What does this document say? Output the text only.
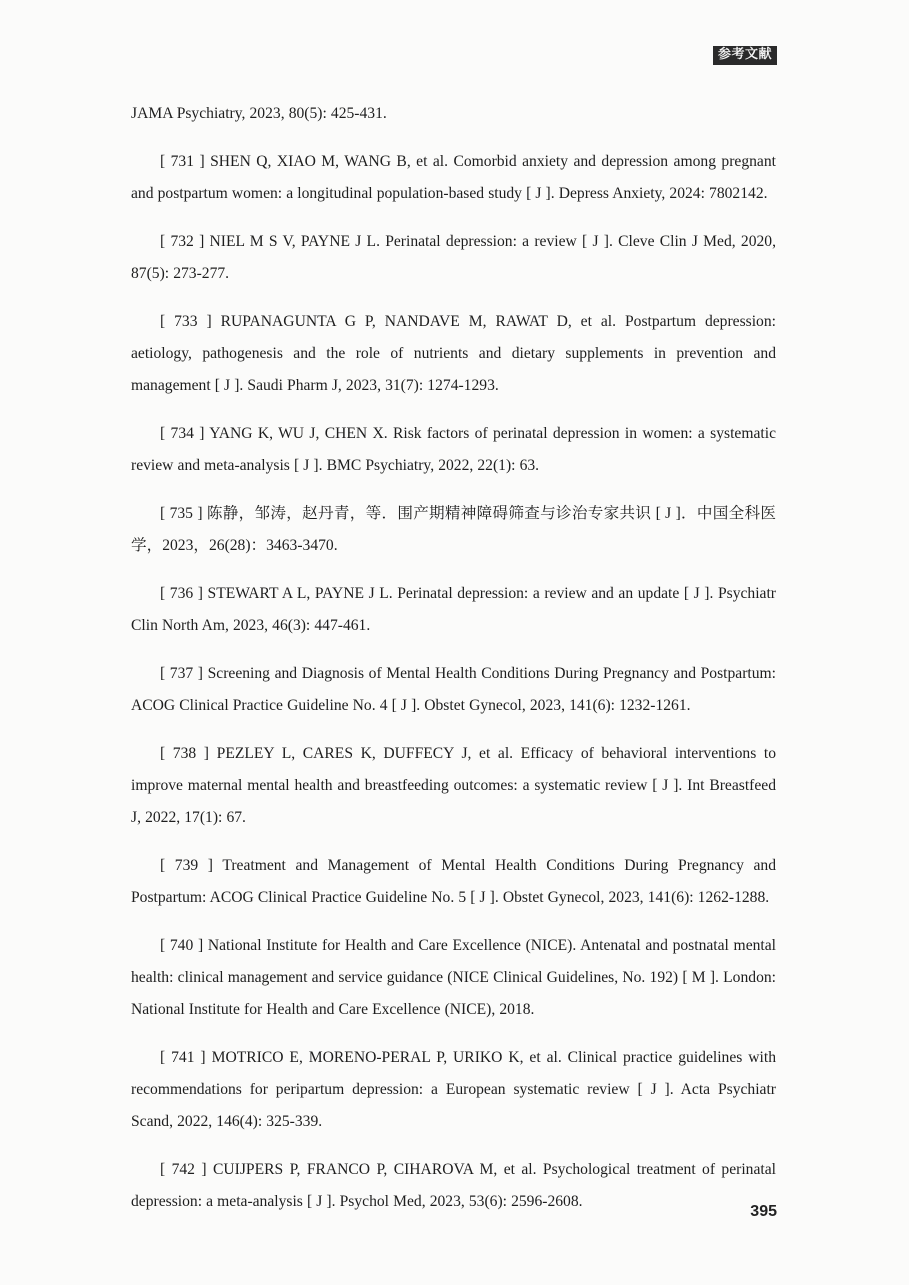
参考文献

JAMA Psychiatry, 2023, 80(5): 425-431.

[ 731 ] SHEN Q, XIAO M, WANG B, et al. Comorbid anxiety and depression among pregnant and postpartum women: a longitudinal population-based study [ J ]. Depress Anxiety, 2024: 7802142.

[ 732 ] NIEL M S V, PAYNE J L. Perinatal depression: a review [ J ]. Cleve Clin J Med, 2020, 87(5): 273-277.

[ 733 ] RUPANAGUNTA G P, NANDAVE M, RAWAT D, et al. Postpartum depression: aetiology, pathogenesis and the role of nutrients and dietary supplements in prevention and management [ J ]. Saudi Pharm J, 2023, 31(7): 1274-1293.

[ 734 ] YANG K, WU J, CHEN X. Risk factors of perinatal depression in women: a systematic review and meta-analysis [ J ]. BMC Psychiatry, 2022, 22(1): 63.

[ 735 ] 陈静，邹涛，赵丹青，等．围产期精神障碍筛查与诊治专家共识 [ J ]．中国全科医学，2023，26(28)：3463-3470.

[ 736 ] STEWART A L, PAYNE J L. Perinatal depression: a review and an update [ J ]. Psychiatr Clin North Am, 2023, 46(3): 447-461.

[ 737 ] Screening and Diagnosis of Mental Health Conditions During Pregnancy and Postpartum: ACOG Clinical Practice Guideline No. 4 [ J ]. Obstet Gynecol, 2023, 141(6): 1232-1261.

[ 738 ] PEZLEY L, CARES K, DUFFECY J, et al. Efficacy of behavioral interventions to improve maternal mental health and breastfeeding outcomes: a systematic review [ J ]. Int Breastfeed J, 2022, 17(1): 67.

[ 739 ] Treatment and Management of Mental Health Conditions During Pregnancy and Postpartum: ACOG Clinical Practice Guideline No. 5 [ J ]. Obstet Gynecol, 2023, 141(6): 1262-1288.

[ 740 ] National Institute for Health and Care Excellence (NICE). Antenatal and postnatal mental health: clinical management and service guidance (NICE Clinical Guidelines, No. 192) [ M ]. London: National Institute for Health and Care Excellence (NICE), 2018.

[ 741 ] MOTRICO E, MORENO-PERAL P, URIKO K, et al. Clinical practice guidelines with recommendations for peripartum depression: a European systematic review [ J ]. Acta Psychiatr Scand, 2022, 146(4): 325-339.

[ 742 ] CUIJPERS P, FRANCO P, CIHAROVA M, et al. Psychological treatment of perinatal depression: a meta-analysis [ J ]. Psychol Med, 2023, 53(6): 2596-2608.

395
